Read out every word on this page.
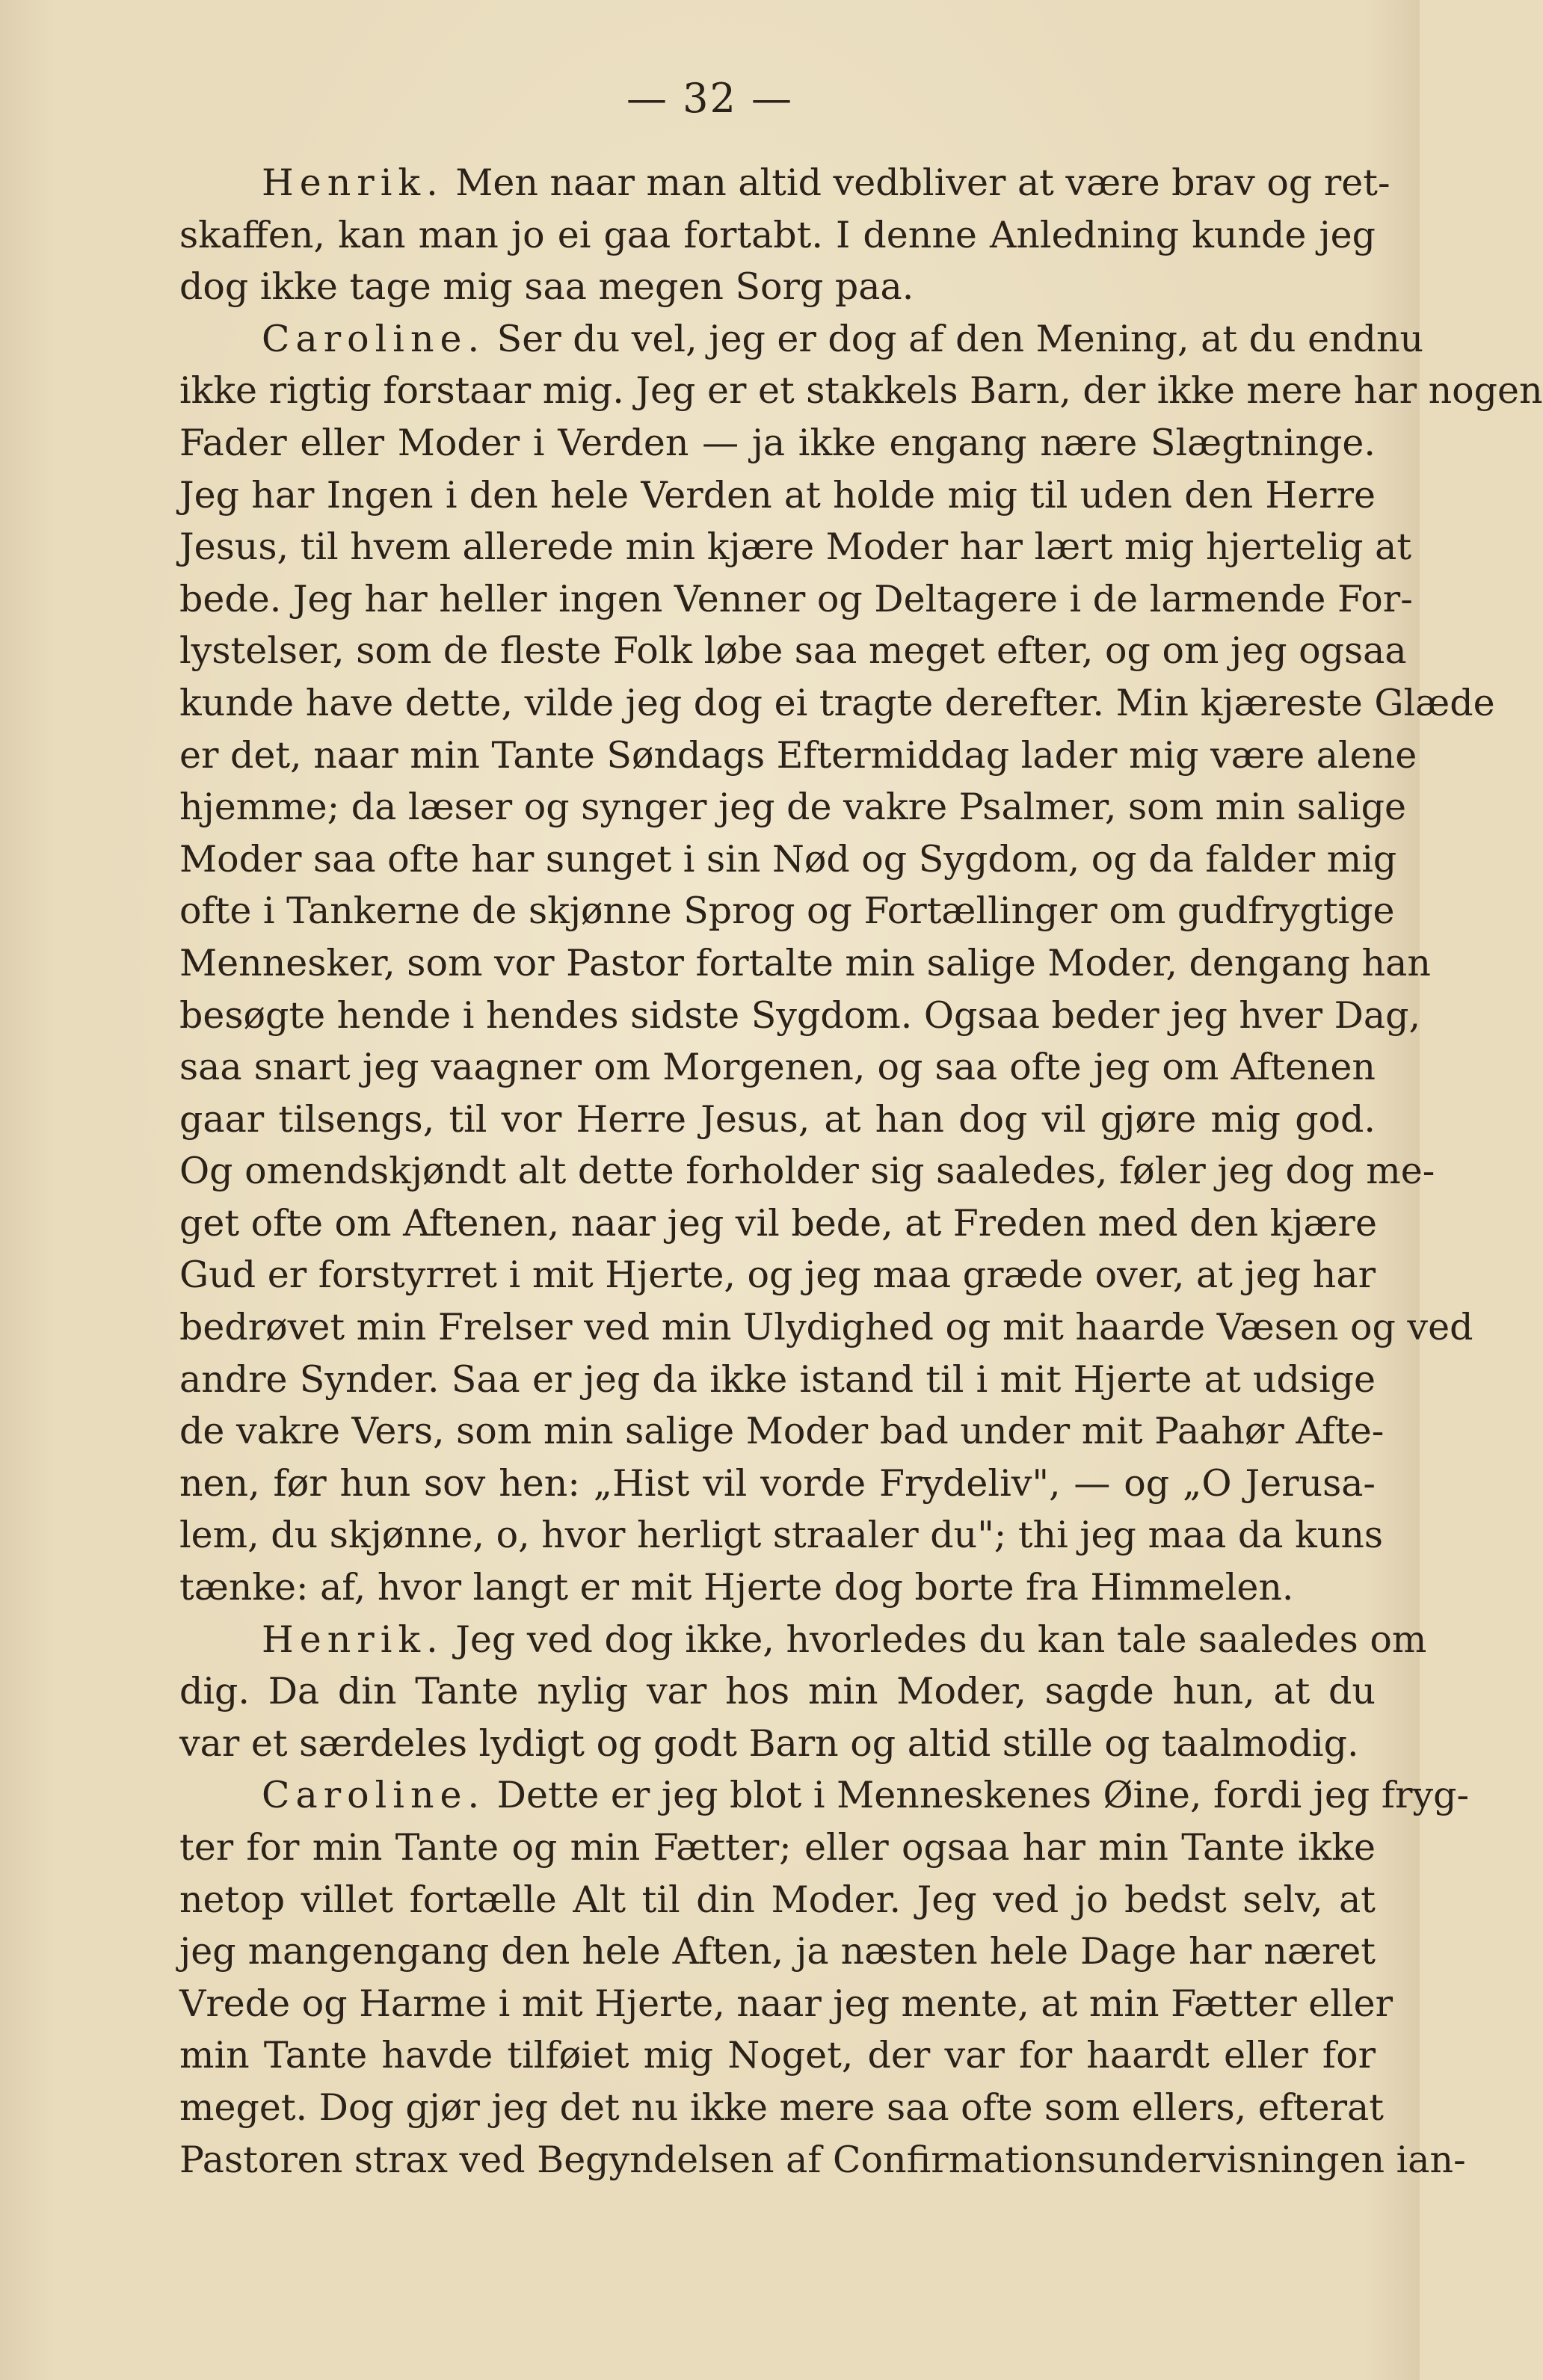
— 32 —
Henrik. Men naar man altid vedbliver at være brav og ret-
skaffen, kan man jo ei gaa fortabt. I denne Anledning kunde jeg
dog ikke tage mig saa megen Sorg paa.
Caroline. Ser du vel, jeg er dog af den Mening, at du endnu
ikke rigtig forstaar mig. Jeg er et stakkels Barn, der ikke mere har nogen
Fader eller Moder i Verden — ja ikke engang nære Slægtninge.
Jeg har Ingen i den hele Verden at holde mig til uden den Herre
Jesus, til hvem allerede min kjære Moder har lært mig hjertelig at
bede. Jeg har heller ingen Venner og Deltagere i de larmende For-
lystelser, som de fleste Folk løbe saa meget efter, og om jeg ogsaa
kunde have dette, vilde jeg dog ei tragte derefter. Min kjæreste Glæde
er det, naar min Tante Søndags Eftermiddag lader mig være alene
hjemme; da læser og synger jeg de vakre Psalmer, som min salige
Moder saa ofte har sunget i sin Nød og Sygdom, og da falder mig
ofte i Tankerne de skjønne Sprog og Fortællinger om gudfrygtige
Mennesker, som vor Pastor fortalte min salige Moder, dengang han
besøgte hende i hendes sidste Sygdom. Ogsaa beder jeg hver Dag,
saa snart jeg vaagner om Morgenen, og saa ofte jeg om Aftenen
gaar tilsengs, til vor Herre Jesus, at han dog vil gjøre mig god.
Og omendskjøndt alt dette forholder sig saaledes, føler jeg dog me-
get ofte om Aftenen, naar jeg vil bede, at Freden med den kjære
Gud er forstyrret i mit Hjerte, og jeg maa græde over, at jeg har
bedrøvet min Frelser ved min Ulydighed og mit haarde Væsen og ved
andre Synder. Saa er jeg da ikke istand til i mit Hjerte at udsige
de vakre Vers, som min salige Moder bad under mit Paahør Afte-
nen, før hun sov hen: „Hist vil vorde Frydeliv", — og „O Jerusa-
lem, du skjønne, o, hvor herligt straaler du"; thi jeg maa da kuns
tænke: af, hvor langt er mit Hjerte dog borte fra Himmelen.
Henrik. Jeg ved dog ikke, hvorledes du kan tale saaledes om
dig. Da din Tante nylig var hos min Moder, sagde hun, at du
var et særdeles lydigt og godt Barn og altid stille og taalmodig.
Caroline. Dette er jeg blot i Menneskenes Øine, fordi jeg fryg-
ter for min Tante og min Fætter; eller ogsaa har min Tante ikke
netop villet fortælle Alt til din Moder. Jeg ved jo bedst selv, at
jeg mangengang den hele Aften, ja næsten hele Dage har næret
Vrede og Harme i mit Hjerte, naar jeg mente, at min Fætter eller
min Tante havde tilføiet mig Noget, der var for haardt eller for
meget. Dog gjør jeg det nu ikke mere saa ofte som ellers, efterat
Pastoren strax ved Begyndelsen af Confirmationsundervisningen ian-
